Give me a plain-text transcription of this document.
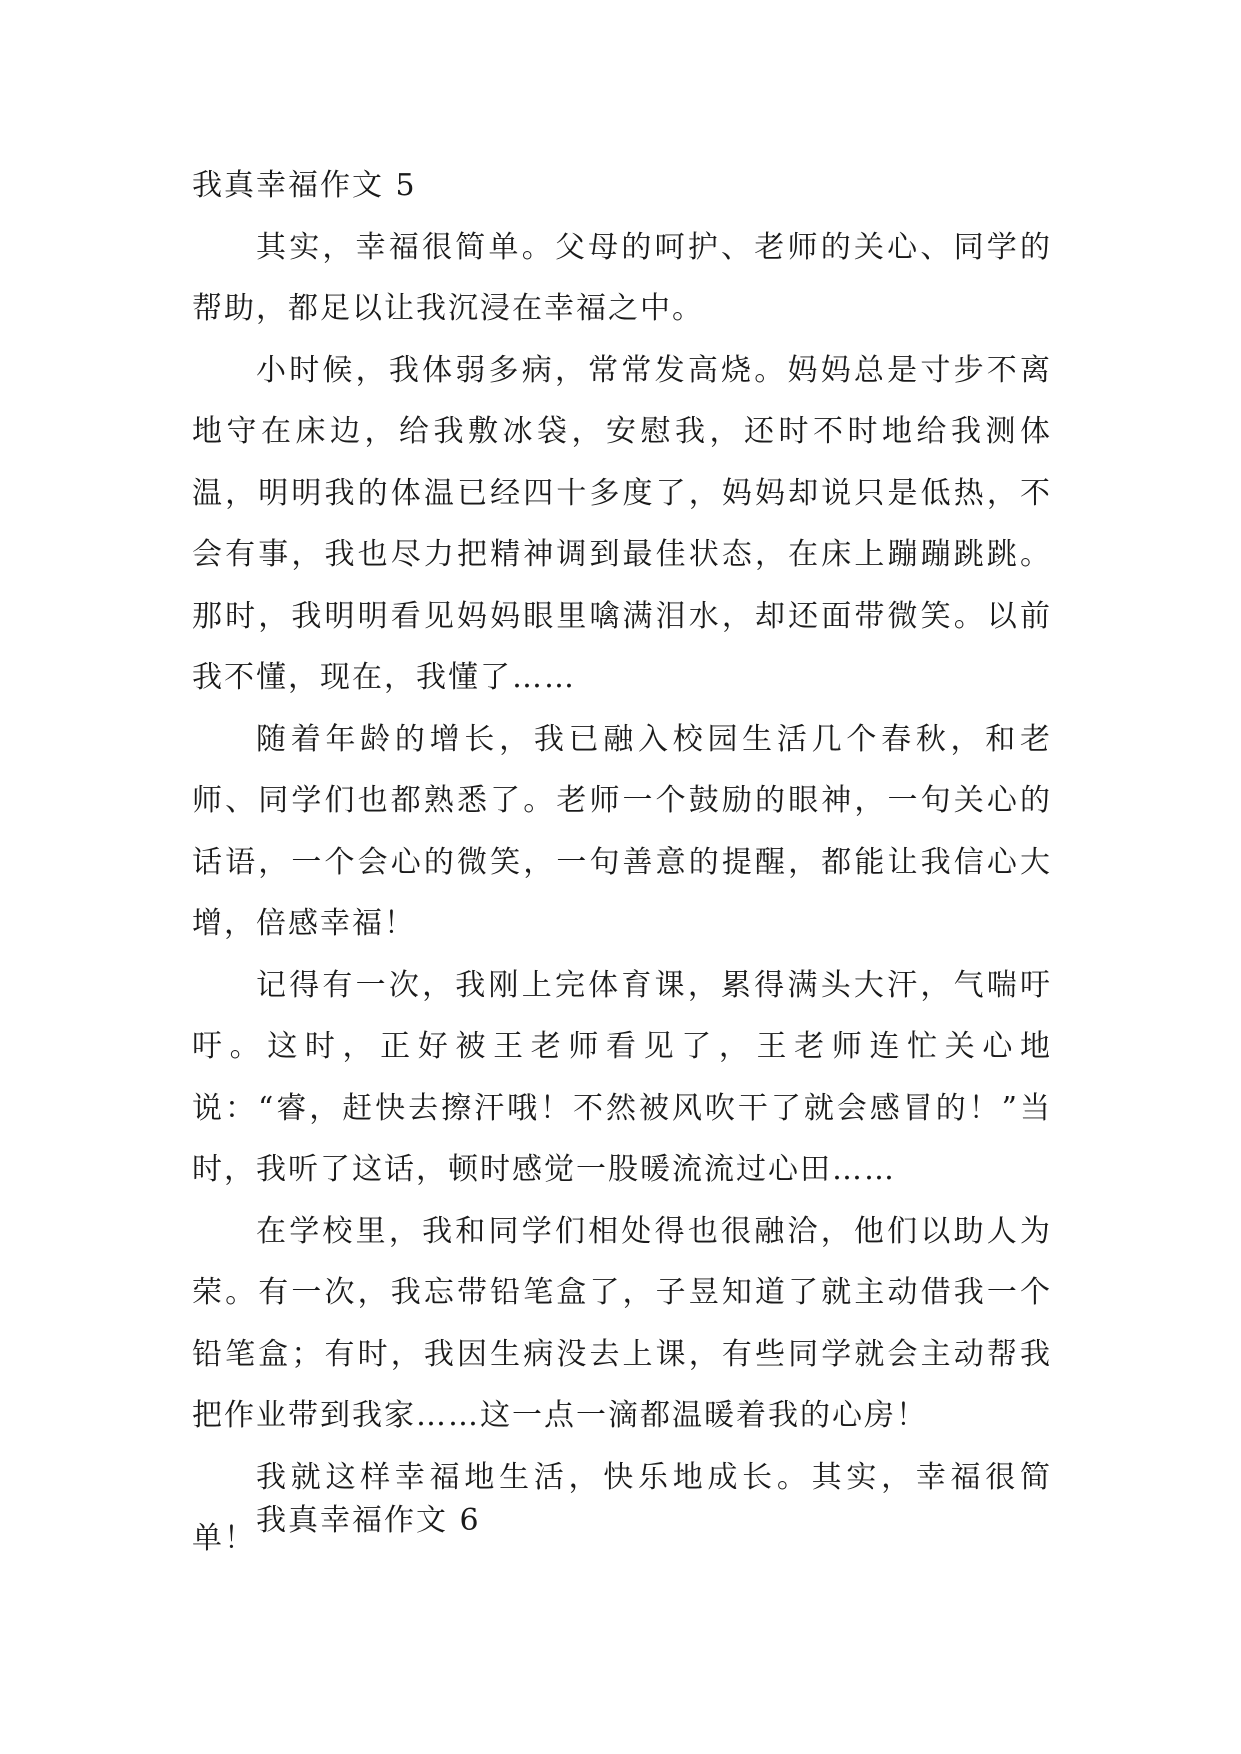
我真幸福作文 5

其实，幸福很简单。父母的呵护、老师的关心、同学的帮助，都足以让我沉浸在幸福之中。

小时候，我体弱多病，常常发高烧。妈妈总是寸步不离地守在床边，给我敷冰袋，安慰我，还时不时地给我测体温，明明我的体温已经四十多度了，妈妈却说只是低热，不会有事，我也尽力把精神调到最佳状态，在床上蹦蹦跳跳。那时，我明明看见妈妈眼里噙满泪水，却还面带微笑。以前我不懂，现在，我懂了……

随着年龄的增长，我已融入校园生活几个春秋，和老师、同学们也都熟悉了。老师一个鼓励的眼神，一句关心的话语，一个会心的微笑，一句善意的提醒，都能让我信心大增，倍感幸福！

记得有一次，我刚上完体育课，累得满头大汗，气喘吁吁。这时，正好被王老师看见了，王老师连忙关心地说：“睿，赶快去擦汗哦！不然被风吹干了就会感冒的！”当时，我听了这话，顿时感觉一股暖流流过心田……

在学校里，我和同学们相处得也很融洽，他们以助人为荣。有一次，我忘带铅笔盒了，子昱知道了就主动借我一个铅笔盒；有时，我因生病没去上课，有些同学就会主动帮我把作业带到我家……这一点一滴都温暖着我的心房！

我就这样幸福地生活，快乐地成长。其实，幸福很简单！

我真幸福作文 6
